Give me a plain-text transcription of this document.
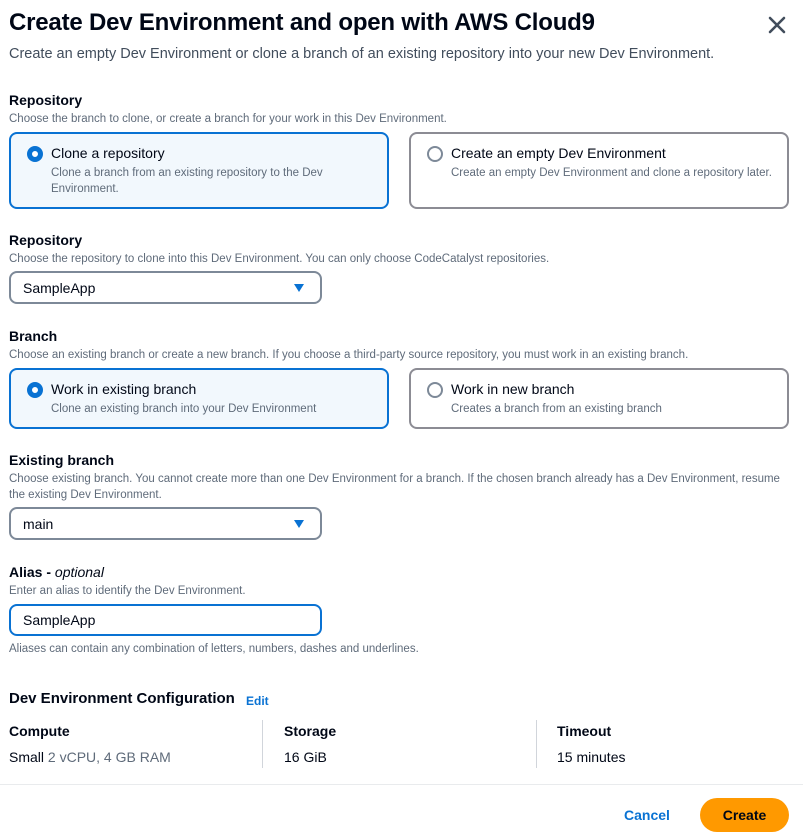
Create Dev Environment and open with AWS Cloud9
Create an empty Dev Environment or clone a branch of an existing repository into your new Dev Environment.
Repository
Choose the branch to clone, or create a branch for your work in this Dev Environment.
Clone a repository
Clone a branch from an existing repository to the Dev Environment.
Create an empty Dev Environment
Create an empty Dev Environment and clone a repository later.
Repository
Choose the repository to clone into this Dev Environment. You can only choose CodeCatalyst repositories.
SampleApp
Branch
Choose an existing branch or create a new branch. If you choose a third-party source repository, you must work in an existing branch.
Work in existing branch
Clone an existing branch into your Dev Environment
Work in new branch
Creates a branch from an existing branch
Existing branch
Choose existing branch. You cannot create more than one Dev Environment for a branch. If the chosen branch already has a Dev Environment, resume the existing Dev Environment.
main
Alias - optional
Enter an alias to identify the Dev Environment.
SampleApp
Aliases can contain any combination of letters, numbers, dashes and underlines.
Dev Environment Configuration Edit
Compute
Small 2 vCPU, 4 GB RAM
Storage
16 GiB
Timeout
15 minutes
Cancel	Create
